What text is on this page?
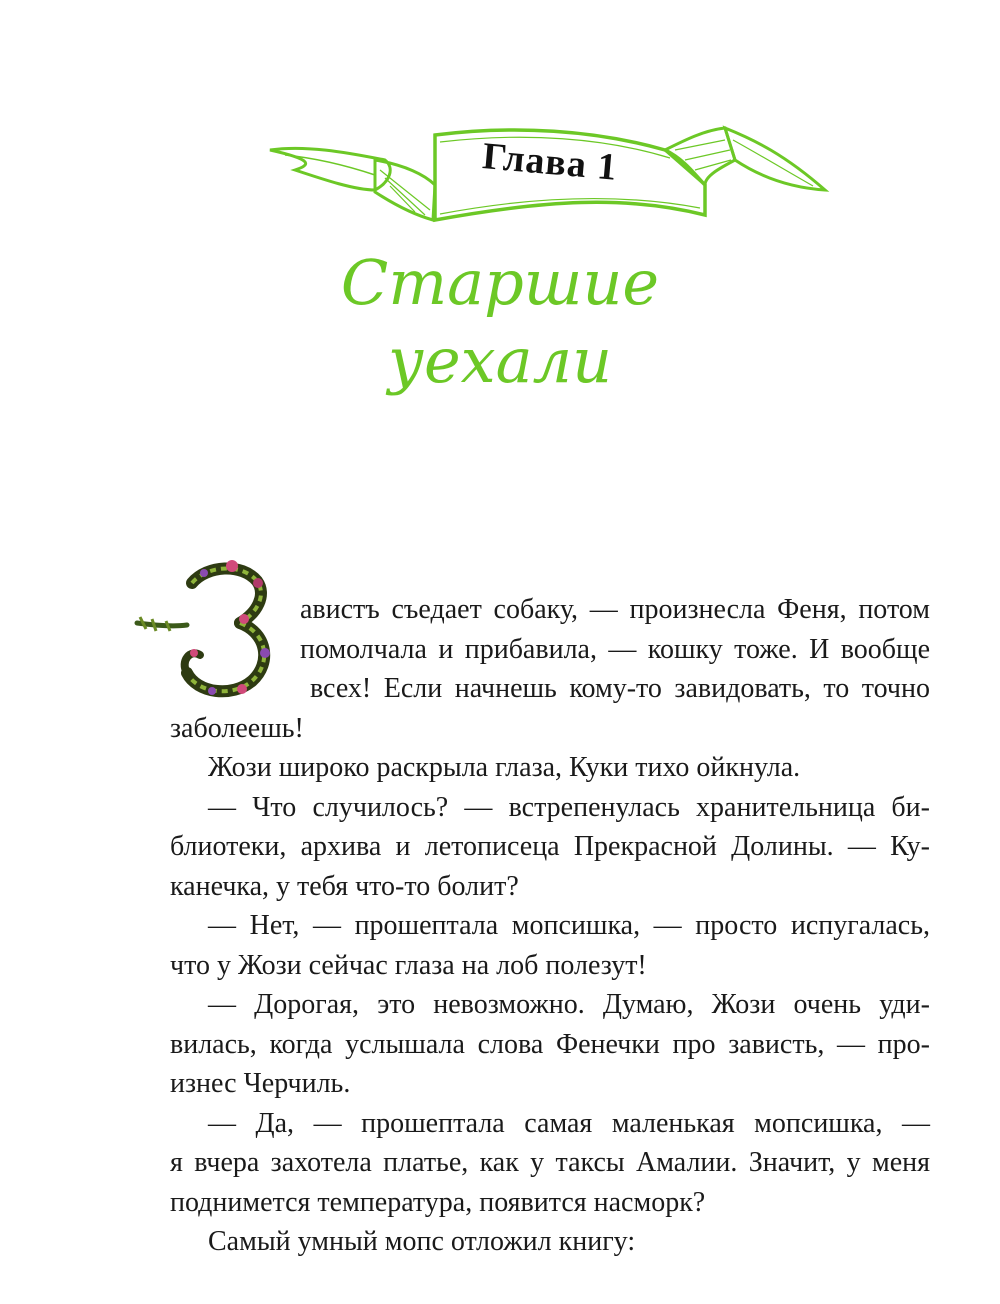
Глава 1
Старшие
уехали
авистъ съедает собаку, — произнесла Феня, потом
помолчала и прибавила, — кошку тоже. И вообще
всех! Если начнешь кому-то завидовать, то точно
заболеешь!
Жози широко раскрыла глаза, Куки тихо ойкнула.
— Что случилось? — встрепенулась хранительница би-
блиотеки, архива и летописеца Прекрасной Долины. — Ку-
канечка, у тебя что-то болит?
— Нет, — прошептала мопсишка, — просто испугалась,
что у Жози сейчас глаза на лоб полезут!
— Дорогая, это невозможно. Думаю, Жози очень уди-
вилась, когда услышала слова Фенечки про зависть, — про-
изнес Черчиль.
— Да, — прошептала самая маленькая мопсишка, —
я вчера захотела платье, как у таксы Амалии. Значит, у меня
поднимется температура, появится насморк?
Самый умный мопс отложил книгу:
